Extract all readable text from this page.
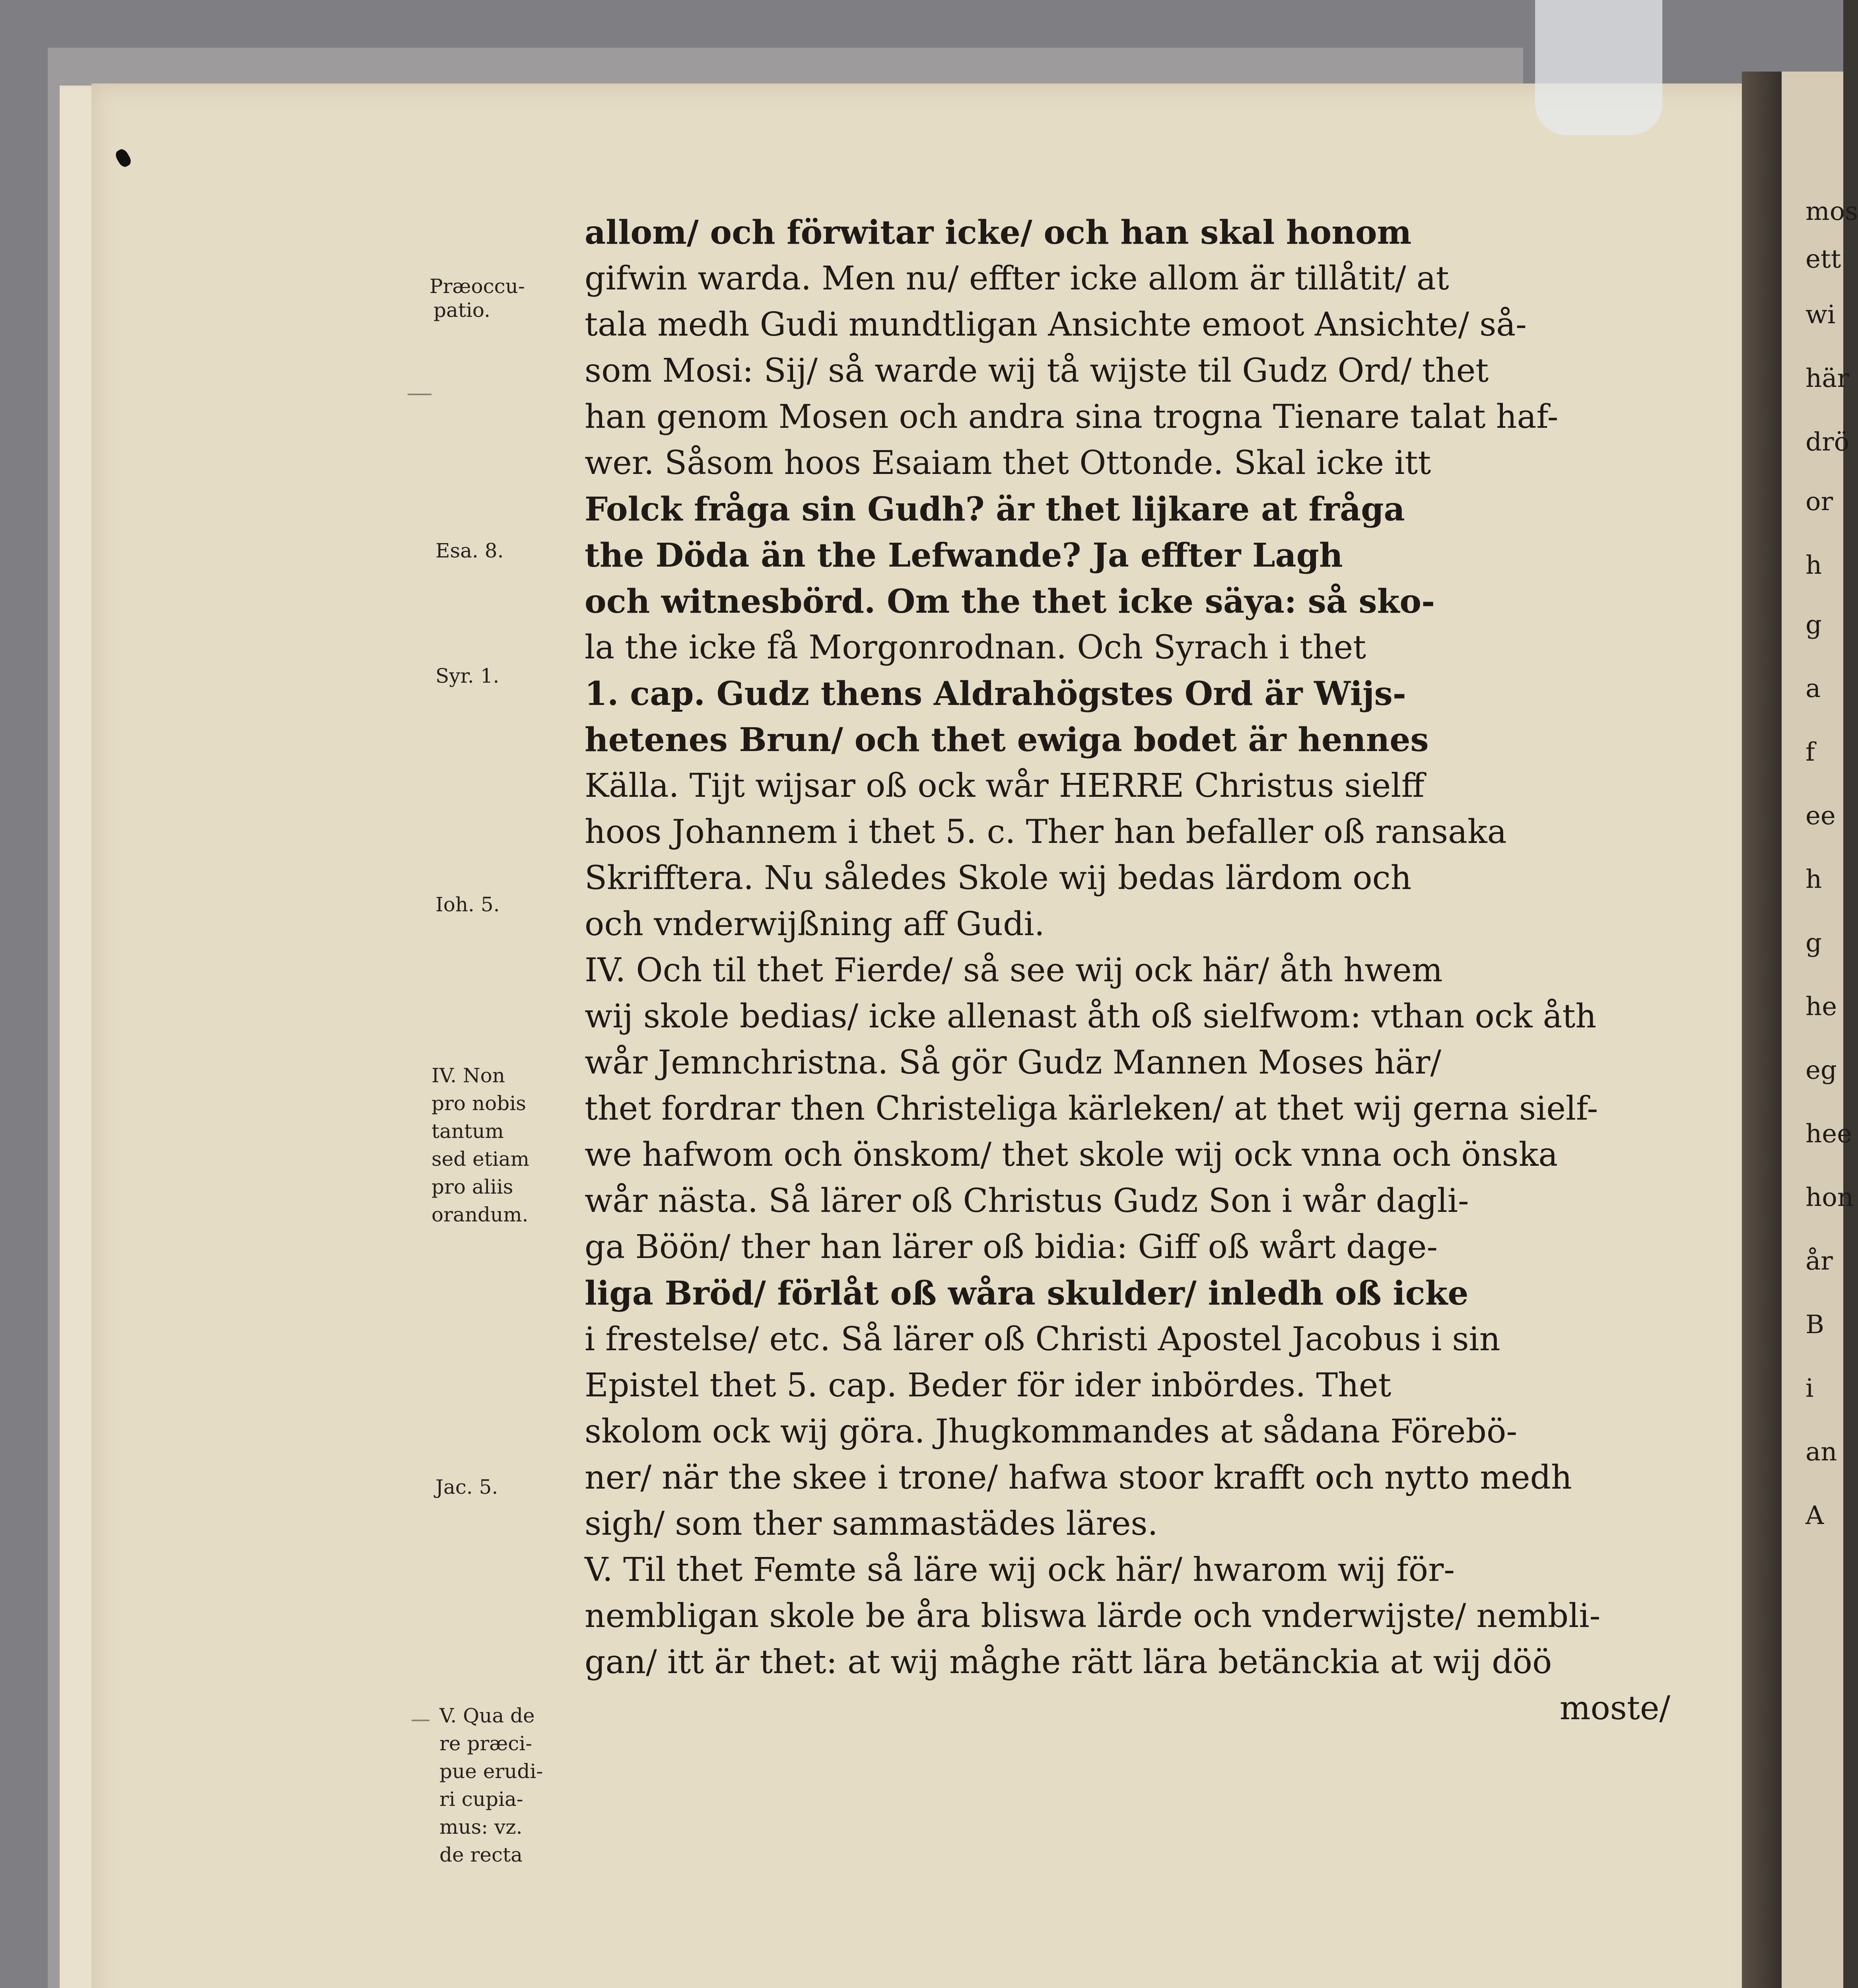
allom/ och förwitar icke/ och han skal honom
gifwin warda. Men nu/ effter icke allom är tillåtit/ at
tala medh Gudi mundtligan Ansichte emoot Ansichte/ så-
som Mosi: Sij/ så warde wij tå wijste til Gudz Ord/ thet
han genom Mosen och andra sina trogna Tienare talat haf-
wer. Såsom hoos Esaiam thet Ottonde. Skal icke itt
Folck fråga sin Gudh? är thet lijkare at fråga
the Döda än the Lefwande? Ja effter Lagh
och witnesbörd. Om the thet icke säya: så sko-
la the icke få Morgonrodnan. Och Syrach i thet
1. cap. Gudz thens Aldrahögstes Ord är Wijs-
hetenes Brun/ och thet ewiga bodet är hennes
Källa. Tijt wijsar oß ock wår HERRE Christus sielff
hoos Johannem i thet 5. c. Ther han befaller oß ransaka
Skrifftera. Nu således Skole wij bedas lärdom och
och vnderwijßning aff Gudi.
IV. Och til thet Fierde/ så see wij ock här/ åth hwem
wij skole bedias/ icke allenast åth oß sielfwom: vthan ock åth
wår Jemnchristna. Så gör Gudz Mannen Moses här/
thet fordrar then Christeliga kärleken/ at thet wij gerna sielf-
we hafwom och önskom/ thet skole wij ock vnna och önska
wår nästa. Så lärer oß Christus Gudz Son i wår dagli-
ga Böön/ ther han lärer oß bidia: Giff oß wårt dage-
liga Bröd/ förlåt oß wåra skulder/ inledh oß icke
i frestelse/ etc. Så lärer oß Christi Apostel Jacobus i sin
Epistel thet 5. cap. Beder för ider inbördes. Thet
skolom ock wij göra. Jhugkommandes at sådana Förebö-
ner/ när the skee i trone/ hafwa stoor krafft och nytto medh
sigh/ som ther sammastädes läres.
V. Til thet Femte så läre wij ock här/ hwarom wij för-
nembligan skole be åra bliswa lärde och vnderwijste/ nembli-
gan/ itt är thet: at wij måghe rätt lära betänckia at wij döö
moste/
Præoccu-
patio.
Esa. 8.
Syr. 1.
Ioh. 5.
IV. Non
pro nobis
tantum
sed etiam
pro aliis
orandum.
Jac. 5.
V. Qua de
re præci-
pue erudi-
ri cupia-
mus: vz.
de recta
mos
ett
wi
här
drö
or
h
g
a
f
ee
h
g
he
eg
hee
hon
år
B
i
an
A
